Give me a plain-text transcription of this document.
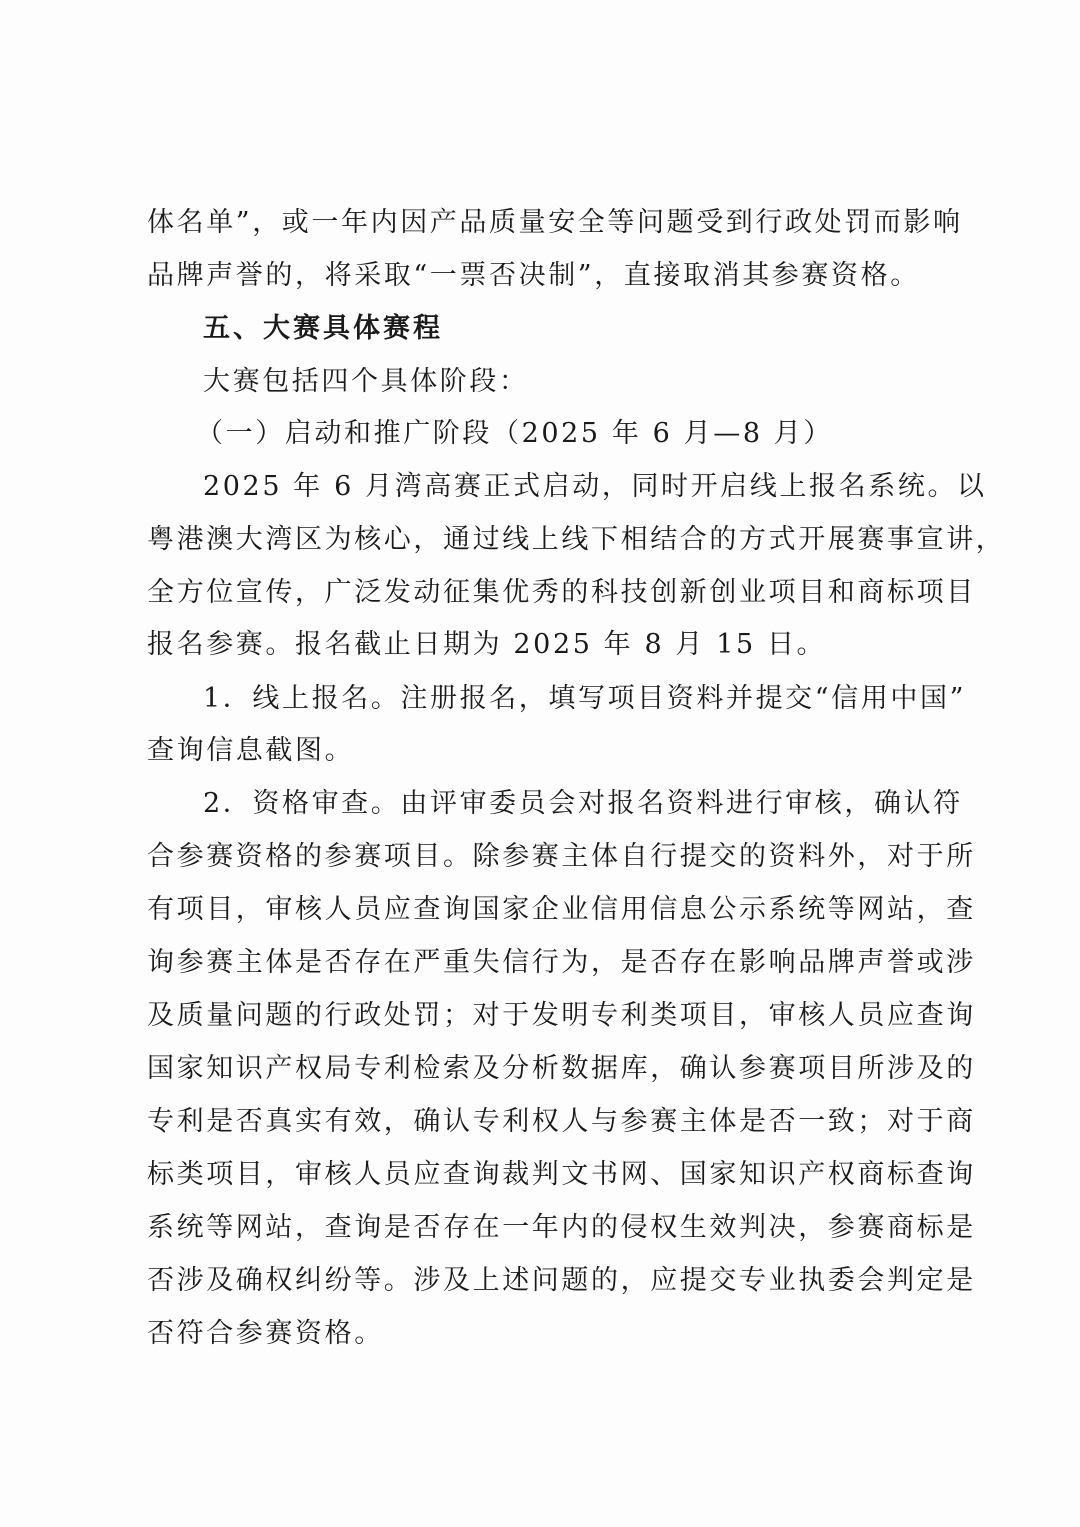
体名单”，或一年内因产品质量安全等问题受到行政处罚而影响
品牌声誉的，将采取“一票否决制”，直接取消其参赛资格。
五、大赛具体赛程
大赛包括四个具体阶段：
（一）启动和推广阶段（2025 年 6 月—8 月）
2025 年 6 月湾高赛正式启动，同时开启线上报名系统。以
粤港澳大湾区为核心，通过线上线下相结合的方式开展赛事宣讲，
全方位宣传，广泛发动征集优秀的科技创新创业项目和商标项目
报名参赛。报名截止日期为 2025 年 8 月 15 日。
1．线上报名。注册报名，填写项目资料并提交“信用中国”
查询信息截图。
2．资格审查。由评审委员会对报名资料进行审核，确认符
合参赛资格的参赛项目。除参赛主体自行提交的资料外，对于所
有项目，审核人员应查询国家企业信用信息公示系统等网站，查
询参赛主体是否存在严重失信行为，是否存在影响品牌声誉或涉
及质量问题的行政处罚；对于发明专利类项目，审核人员应查询
国家知识产权局专利检索及分析数据库，确认参赛项目所涉及的
专利是否真实有效，确认专利权人与参赛主体是否一致；对于商
标类项目，审核人员应查询裁判文书网、国家知识产权商标查询
系统等网站，查询是否存在一年内的侵权生效判决，参赛商标是
否涉及确权纠纷等。涉及上述问题的，应提交专业执委会判定是
否符合参赛资格。
